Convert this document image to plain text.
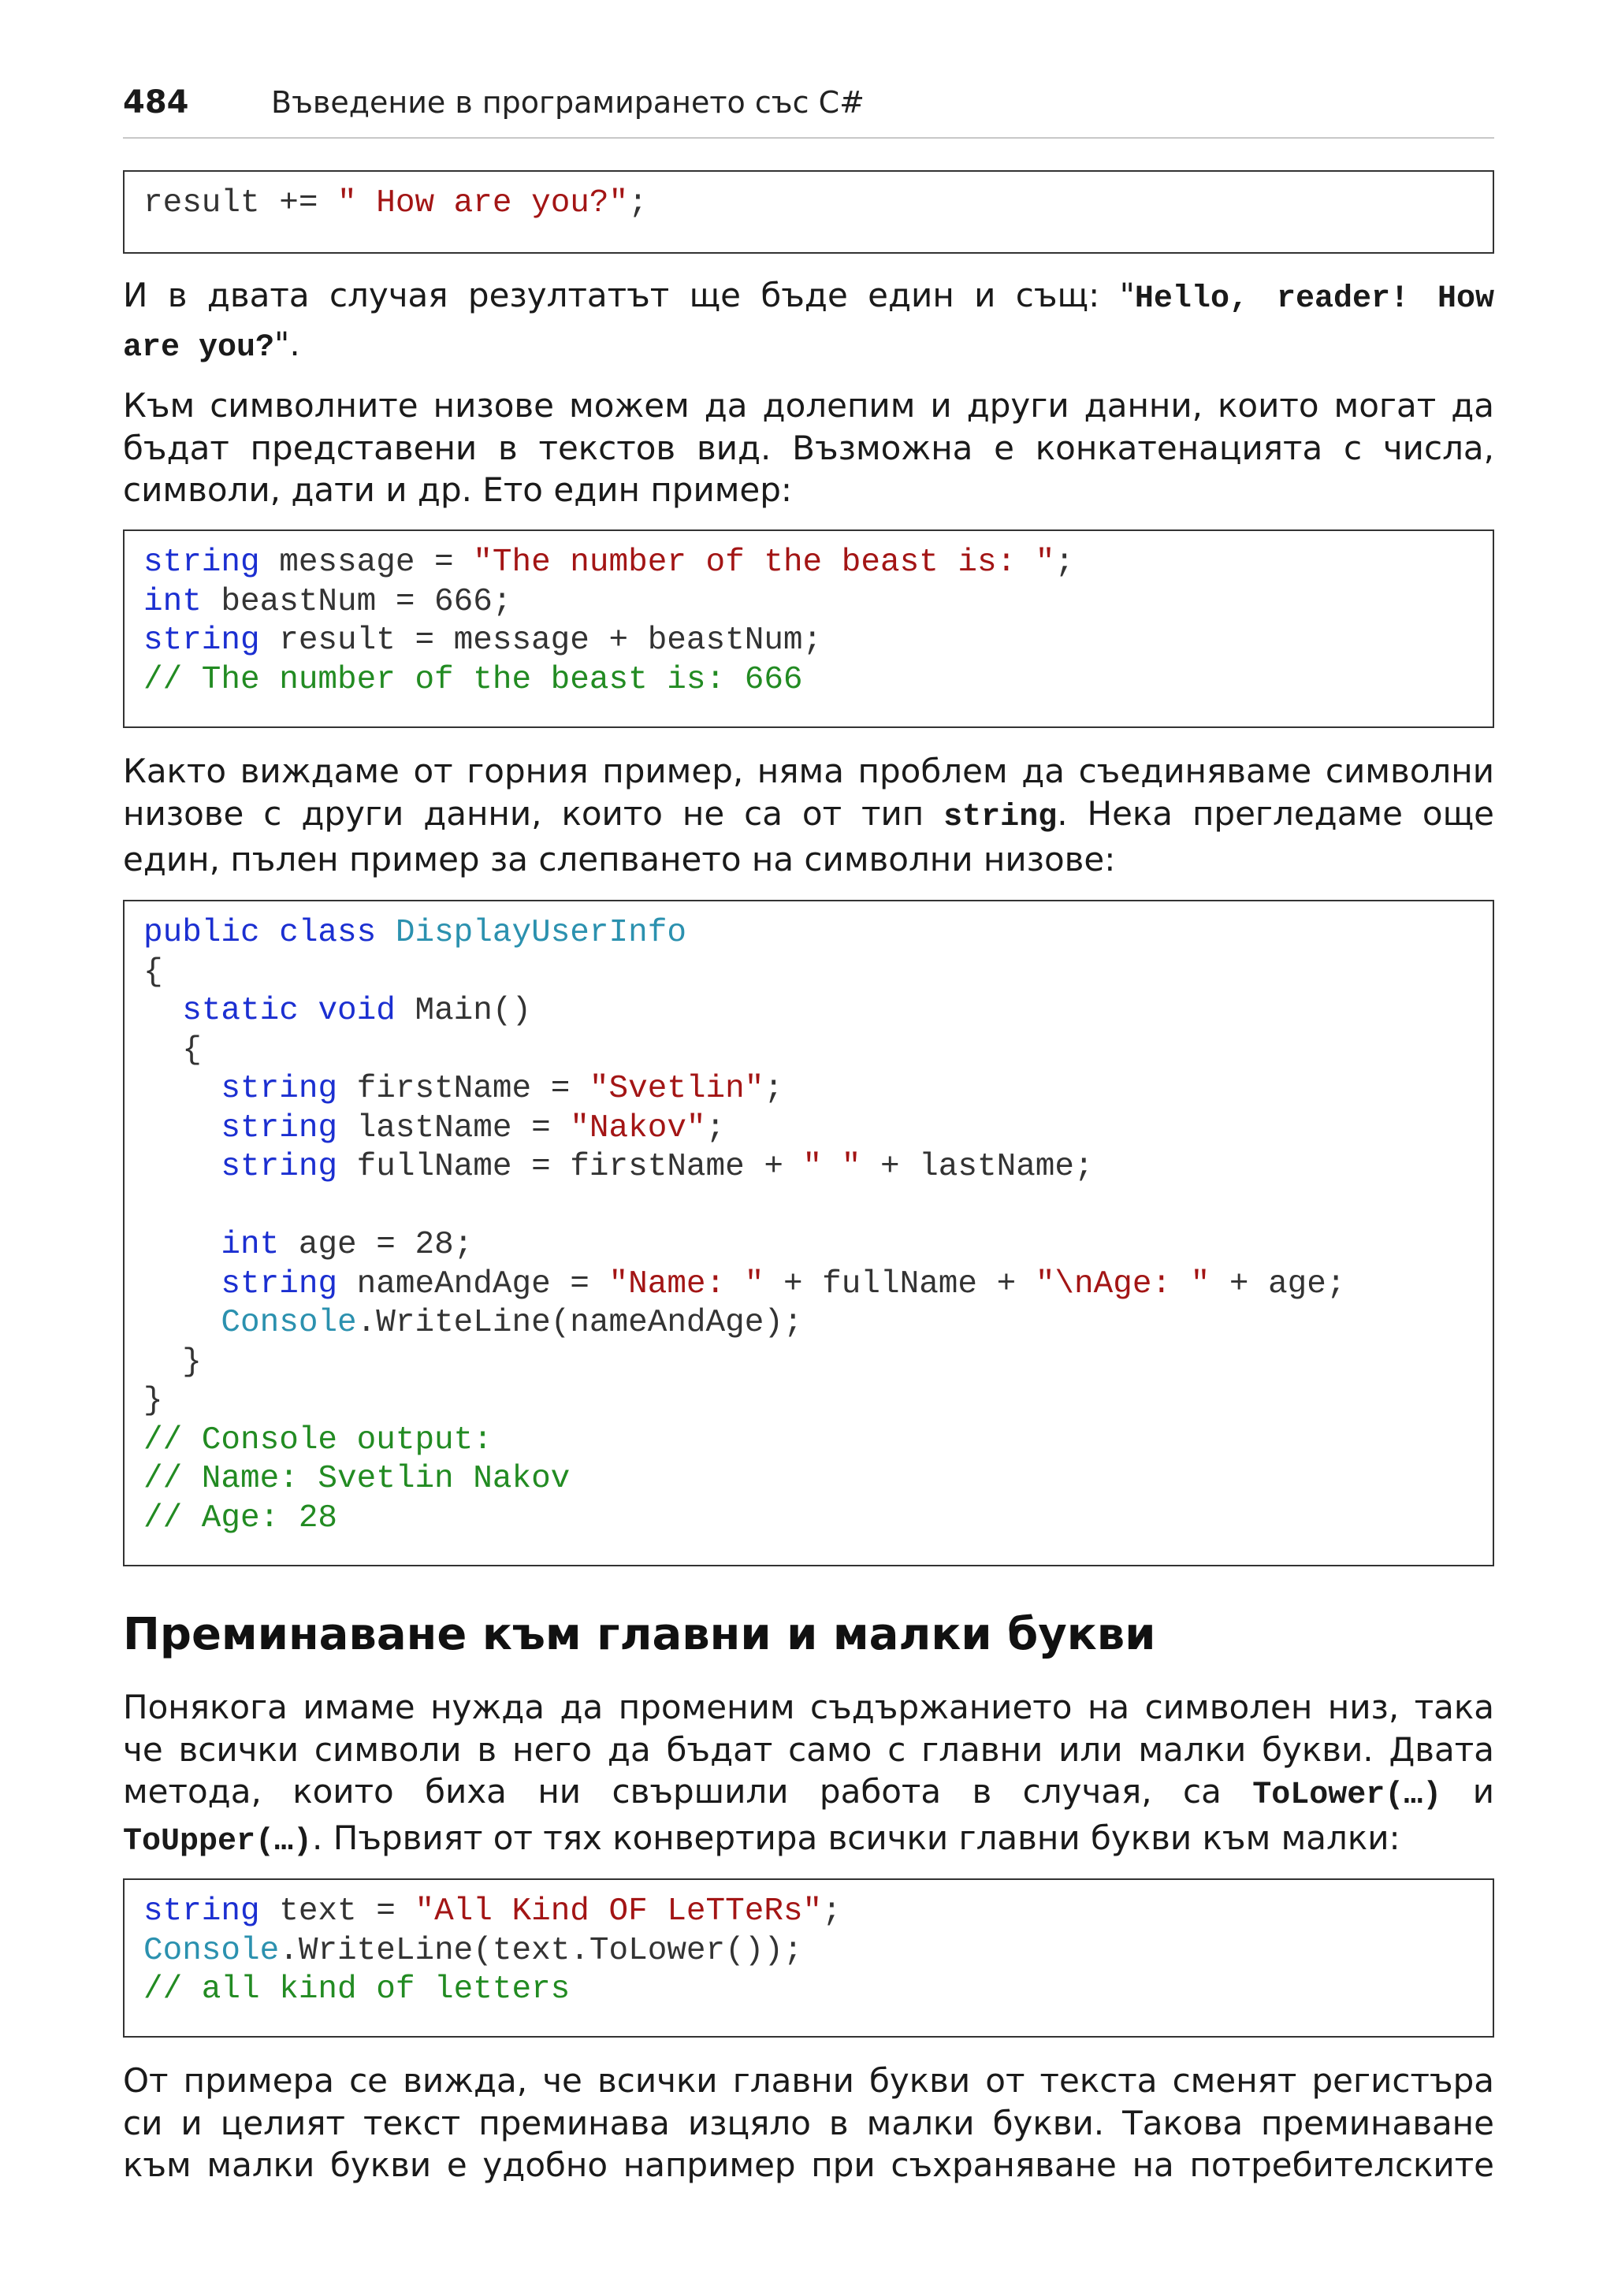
484	Въведение в програмирането със C#
result += " How are you?";
И в двата случая резултатът ще бъде един и същ: "Hello, reader! How
are you?".
Към символните низове можем да долепим и други данни, които могат да
бъдат представени в текстов вид. Възможна е конкатенацията с числа,
символи, дати и др. Ето един пример:
string message = "The number of the beast is: ";
int beastNum = 666;
string result = message + beastNum;
// The number of the beast is: 666
Както виждаме от горния пример, няма проблем да съединяваме символни
низове с други данни, които не са от тип string. Нека прегледаме още
един, пълен пример за слепването на символни низове:
public class DisplayUserInfo
{
static void Main()
{
string firstName = "Svetlin";
string lastName = "Nakov";
string fullName = firstName + " " + lastName;

int age = 28;
string nameAndAge = "Name: " + fullName + "\nAge: " + age;
Console.WriteLine(nameAndAge);
}
}
// Console output:
// Name: Svetlin Nakov
// Age: 28
Преминаване към главни и малки букви
Понякога имаме нужда да променим съдържанието на символен низ, така
че всички символи в него да бъдат само с главни или малки букви. Двата
метода, които биха ни свършили работа в случая, са ToLower(…) и
ToUpper(…). Първият от тях конвертира всички главни букви към малки:
string text = "All Kind OF LeTTeRs";
Console.WriteLine(text.ToLower());
// all kind of letters
От примера се вижда, че всички главни букви от текста сменят регистъра
си и целият текст преминава изцяло в малки букви. Такова преминаване
към малки букви е удобно например при съхраняване на потребителските
